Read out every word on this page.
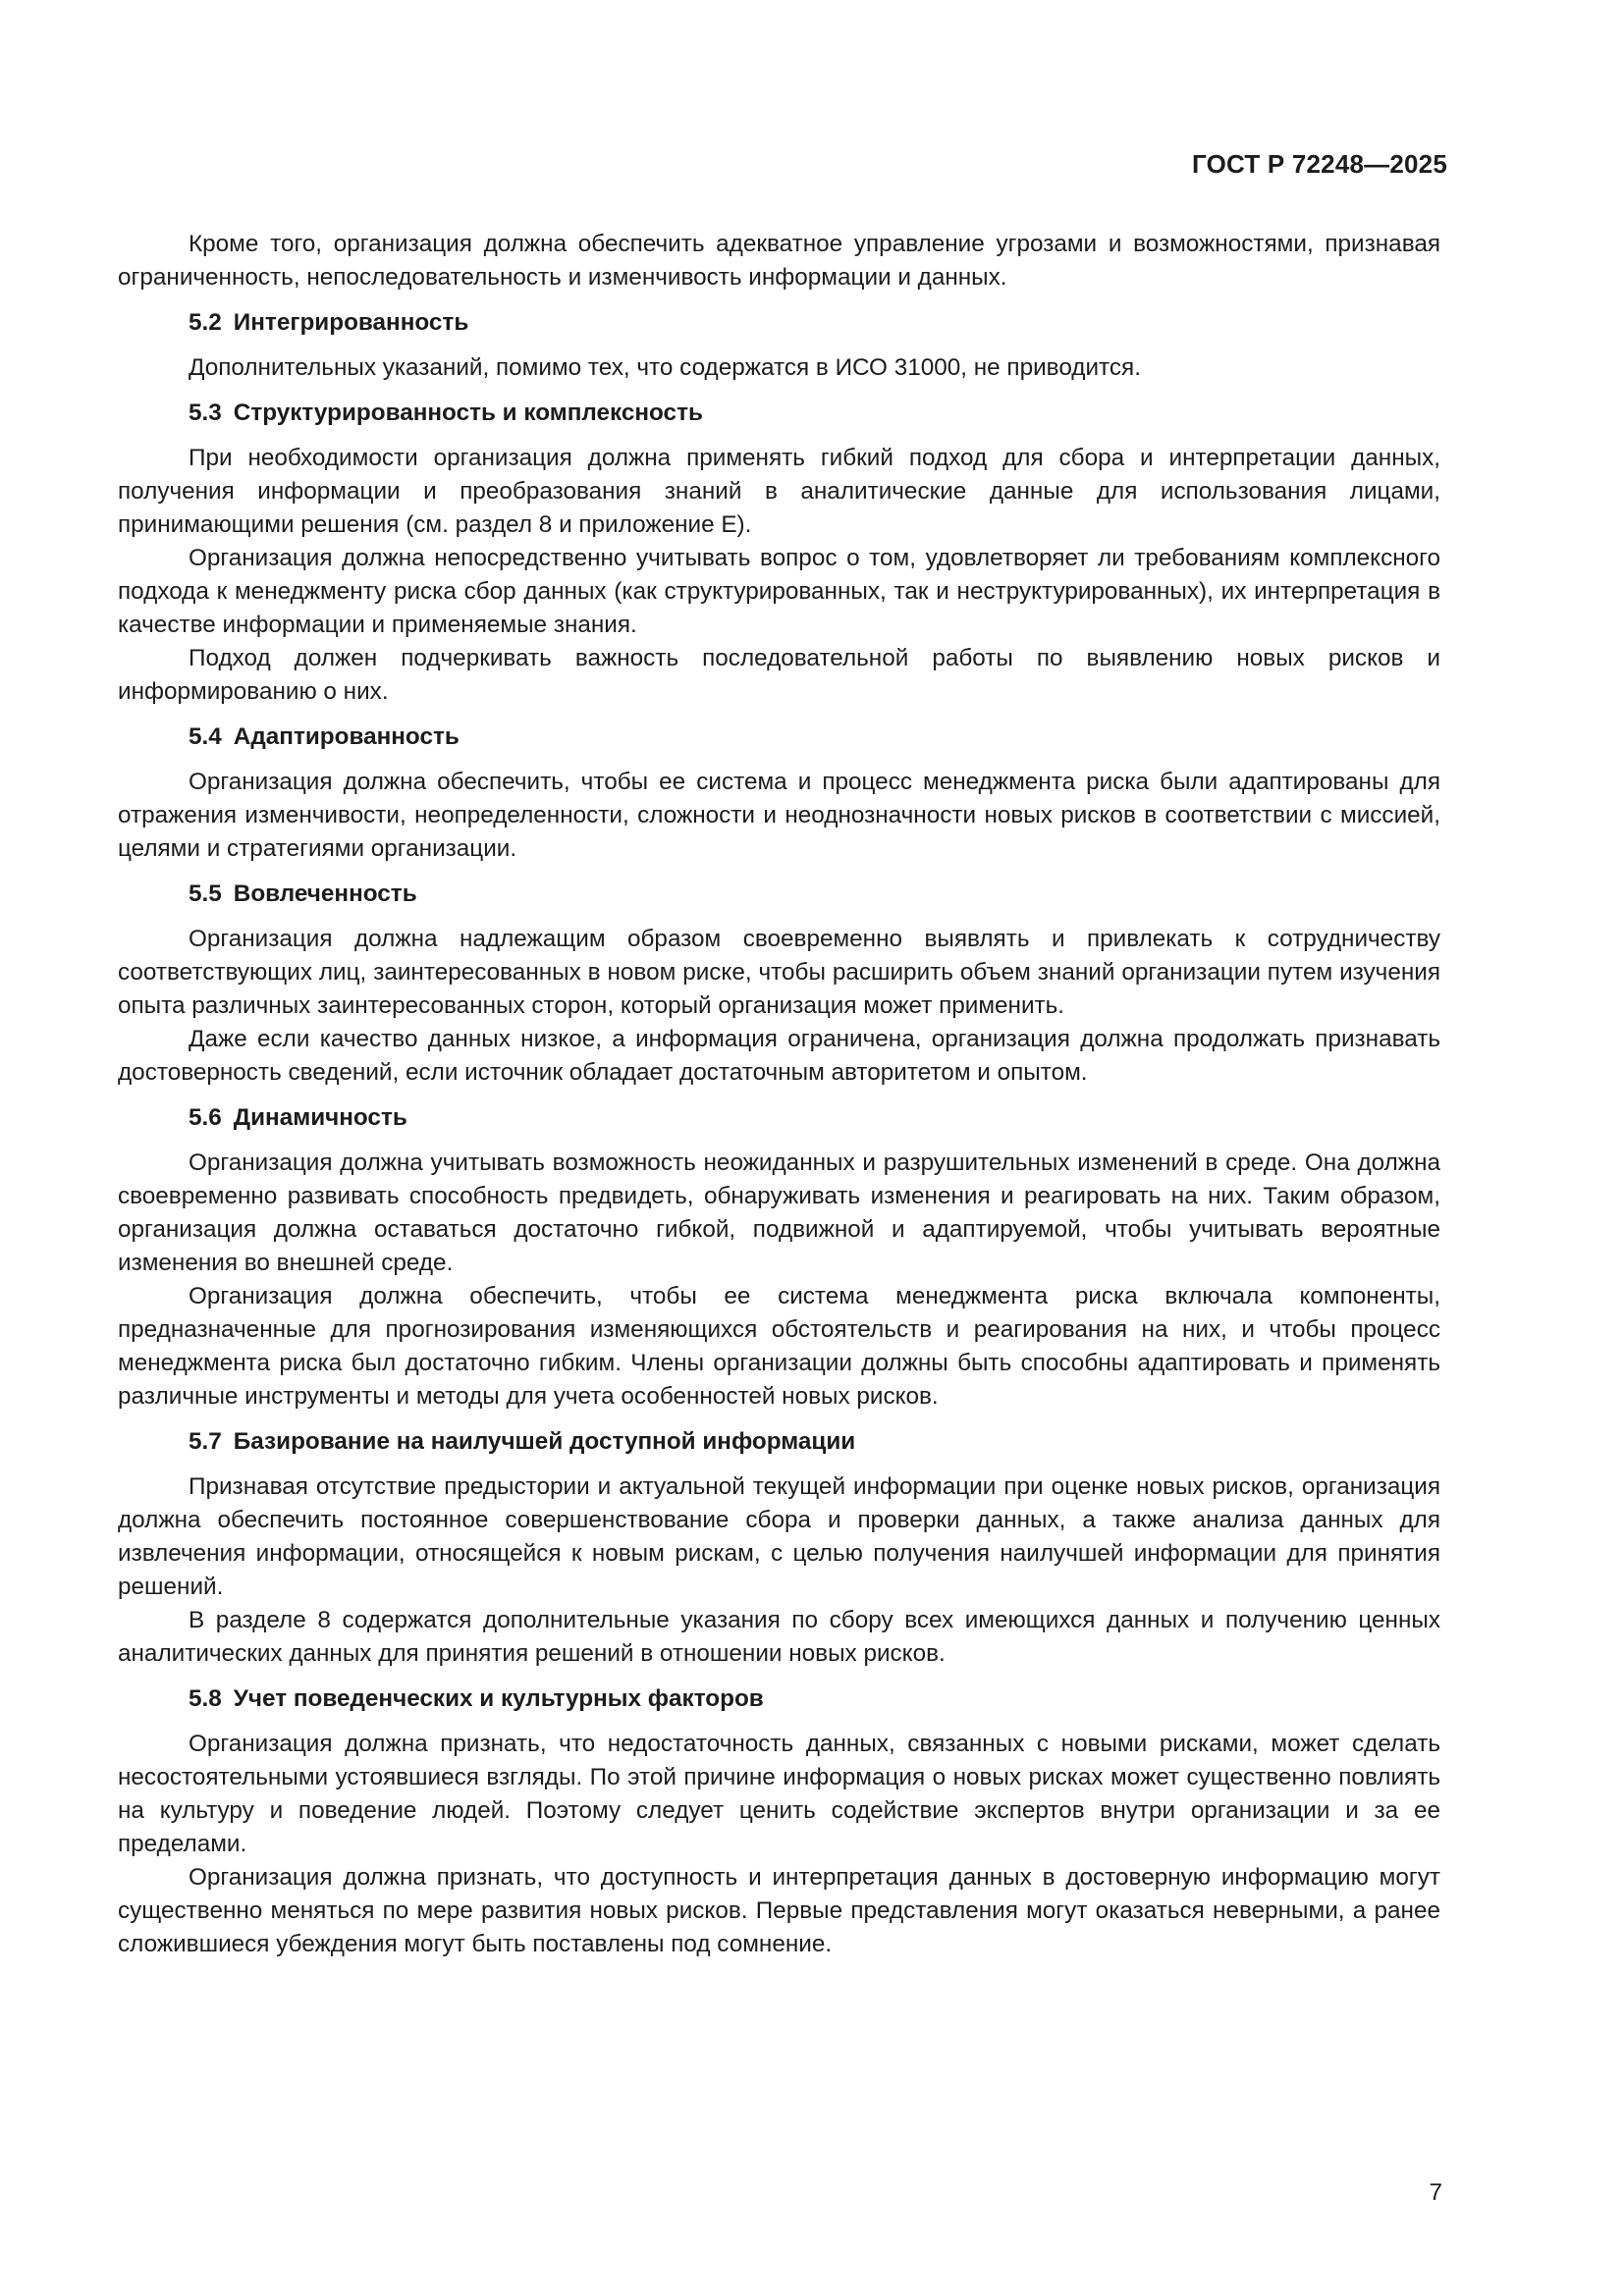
ГОСТ Р 72248—2025

Кроме того, организация должна обеспечить адекватное управление угрозами и возможностями, признавая ограниченность, непоследовательность и изменчивость информации и данных.

5.2 Интегрированность

Дополнительных указаний, помимо тех, что содержатся в ИСО 31000, не приводится.

5.3 Структурированность и комплексность

При необходимости организация должна применять гибкий подход для сбора и интерпретации данных, получения информации и преобразования знаний в аналитические данные для использования лицами, принимающими решения (см. раздел 8 и приложение Е).

Организация должна непосредственно учитывать вопрос о том, удовлетворяет ли требованиям комплексного подхода к менеджменту риска сбор данных (как структурированных, так и неструктурированных), их интерпретация в качестве информации и применяемые знания.

Подход должен подчеркивать важность последовательной работы по выявлению новых рисков и информированию о них.

5.4 Адаптированность

Организация должна обеспечить, чтобы ее система и процесс менеджмента риска были адаптированы для отражения изменчивости, неопределенности, сложности и неоднозначности новых рисков в соответствии с миссией, целями и стратегиями организации.

5.5 Вовлеченность

Организация должна надлежащим образом своевременно выявлять и привлекать к сотрудничеству соответствующих лиц, заинтересованных в новом риске, чтобы расширить объем знаний организации путем изучения опыта различных заинтересованных сторон, который организация может применить.

Даже если качество данных низкое, а информация ограничена, организация должна продолжать признавать достоверность сведений, если источник обладает достаточным авторитетом и опытом.

5.6 Динамичность

Организация должна учитывать возможность неожиданных и разрушительных изменений в среде. Она должна своевременно развивать способность предвидеть, обнаруживать изменения и реагировать на них. Таким образом, организация должна оставаться достаточно гибкой, подвижной и адаптируемой, чтобы учитывать вероятные изменения во внешней среде.

Организация должна обеспечить, чтобы ее система менеджмента риска включала компоненты, предназначенные для прогнозирования изменяющихся обстоятельств и реагирования на них, и чтобы процесс менеджмента риска был достаточно гибким. Члены организации должны быть способны адаптировать и применять различные инструменты и методы для учета особенностей новых рисков.

5.7 Базирование на наилучшей доступной информации

Признавая отсутствие предыстории и актуальной текущей информации при оценке новых рисков, организация должна обеспечить постоянное совершенствование сбора и проверки данных, а также анализа данных для извлечения информации, относящейся к новым рискам, с целью получения наилучшей информации для принятия решений.

В разделе 8 содержатся дополнительные указания по сбору всех имеющихся данных и получению ценных аналитических данных для принятия решений в отношении новых рисков.

5.8 Учет поведенческих и культурных факторов

Организация должна признать, что недостаточность данных, связанных с новыми рисками, может сделать несостоятельными устоявшиеся взгляды. По этой причине информация о новых рисках может существенно повлиять на культуру и поведение людей. Поэтому следует ценить содействие экспертов внутри организации и за ее пределами.

Организация должна признать, что доступность и интерпретация данных в достоверную информацию могут существенно меняться по мере развития новых рисков. Первые представления могут оказаться неверными, а ранее сложившиеся убеждения могут быть поставлены под сомнение.

7
